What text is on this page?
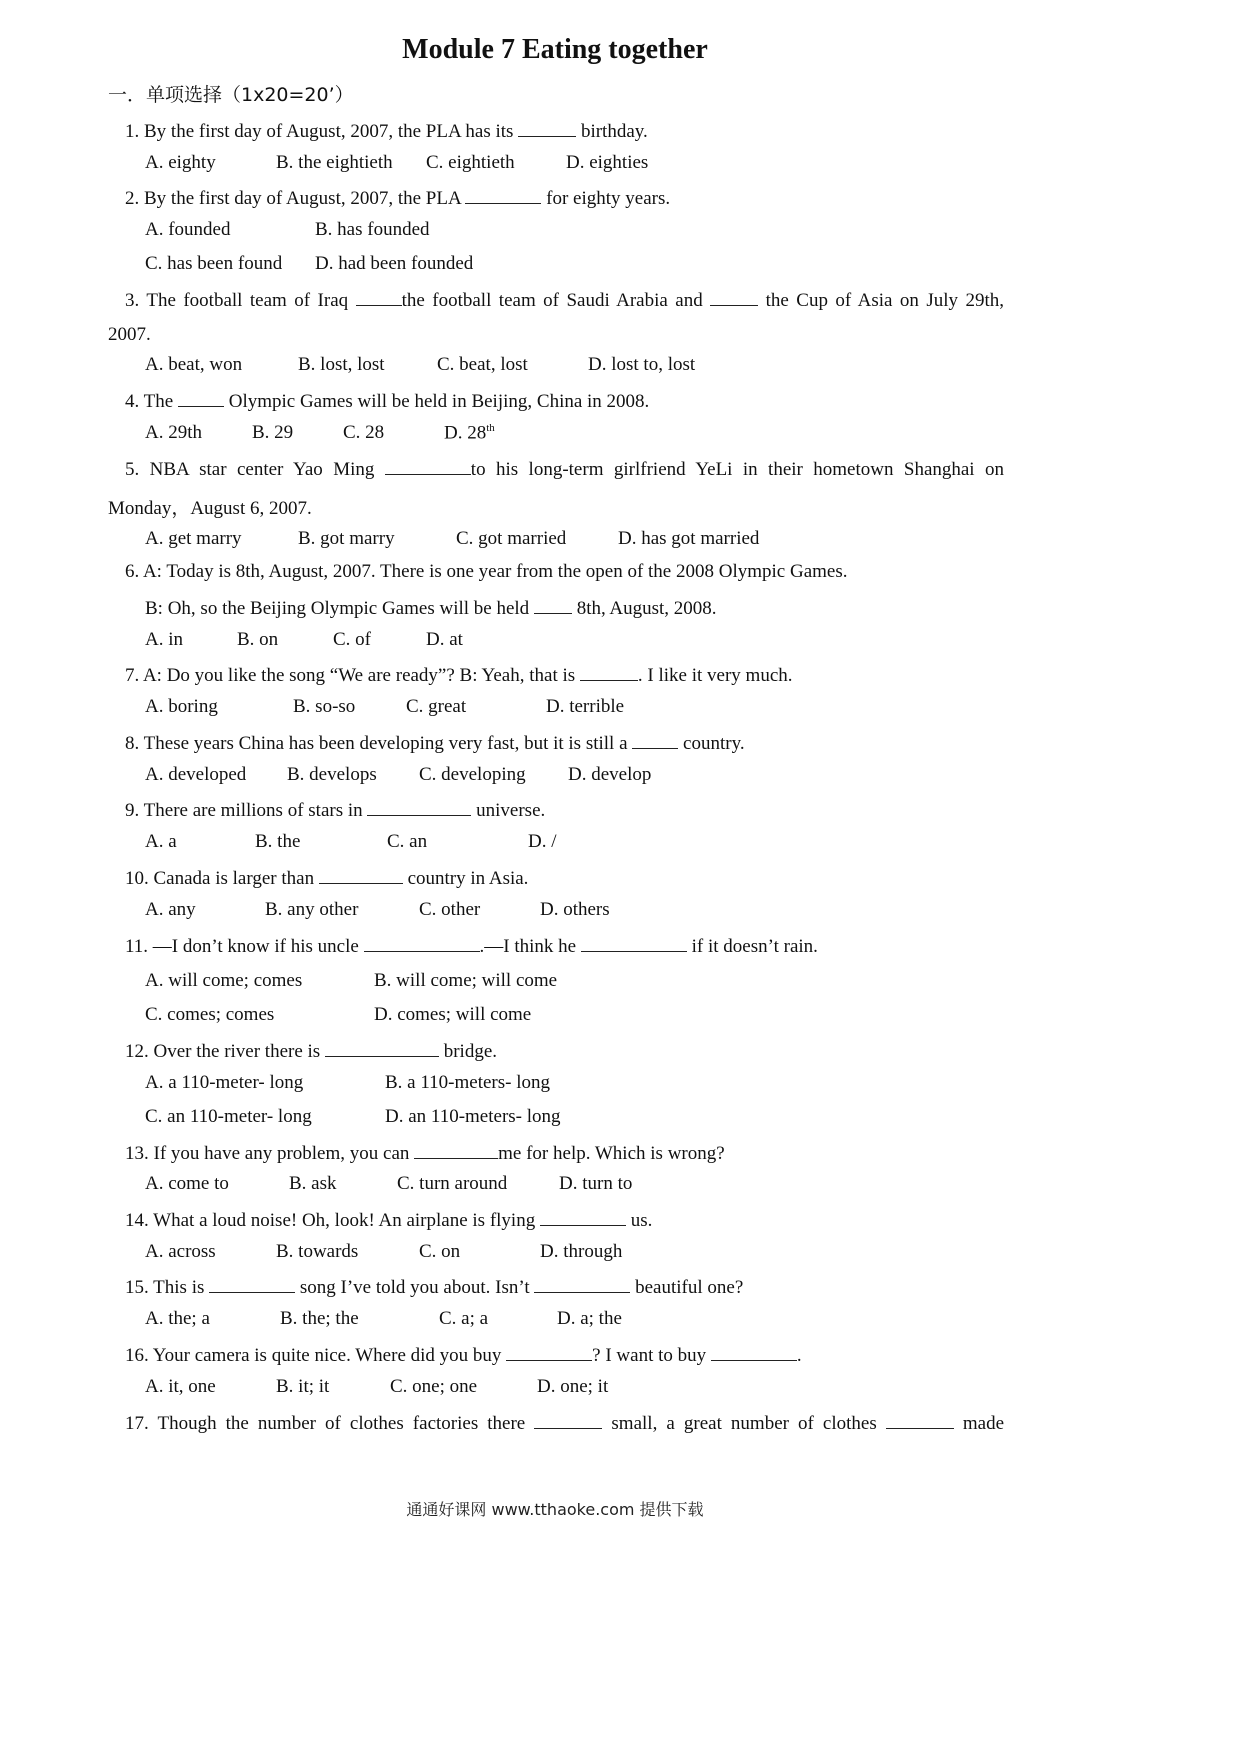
Module 7 Eating together
一．单项选择（1x20=20’）
1. By the first day of August, 2007, the PLA has its	birthday.
A. eighty	B. the eightieth C. eightieth	D. eighties
2. By the first day of August, 2007, the PLA	for eighty years.
A. founded	B. has founded
C. has been found D. had been founded
3. The football team of Iraq	the football team of Saudi Arabia and	the Cup of Asia on July 29th,
2007.
A. beat, won	B. lost, lost	C. beat, lost	D. lost to, lost
4. The	Olympic Games will be held in Beijing, China in 2008.
A. 29th	B. 29	C. 28	D. 28th
5. NBA star center Yao Ming	to his long-term girlfriend YeLi in their hometown Shanghai on
Monday，August 6, 2007.
A. get marry	B. got marry	C. got married	D. has got married
6. A: Today is 8th, August, 2007. There is one year from the open of the 2008 Olympic Games.
B: Oh, so the Beijing Olympic Games will be held	8th, August, 2008.
A. in	B. on	C. of	D. at
7. A: Do you like the song “We are ready”? B: Yeah, that is	. I like it very much.
A. boring	B. so-so	C. great	D. terrible
8. These years China has been developing very fast, but it is still a	country.
A. developed B. develops C. developing D. develop
9. There are millions of stars in	universe.
A. a	B. the	C. an	D. /
10. Canada is larger than	country in Asia.
A. any	B. any other	C. other	D. others
11. —I don’t know if his uncle	.—I think he	if it doesn’t rain.
A. will come; comes	B. will come; will come
C. comes; comes	D. comes; will come
12. Over the river there is	bridge.
A. a 110-meter- long	B. a 110-meters- long
C. an 110-meter- long	D. an 110-meters- long
13. If you have any problem, you can	me for help. Which is wrong?
A. come to	B. ask	C. turn around	D. turn to
14. What a loud noise! Oh, look! An airplane is flying	us.
A. across	B. towards	C. on	D. through
15. This is	song I’ve told you about. Isn’t	beautiful one?
A. the; a	B. the; the	C. a; a	D. a; the
16. Your camera is quite nice. Where did you buy	? I want to buy	.
A. it, one	B. it; it	C. one; one	D. one; it
17. Though the number of clothes factories there	small, a great number of clothes	made
通通好课网 www.tthaoke.com 提供下载
